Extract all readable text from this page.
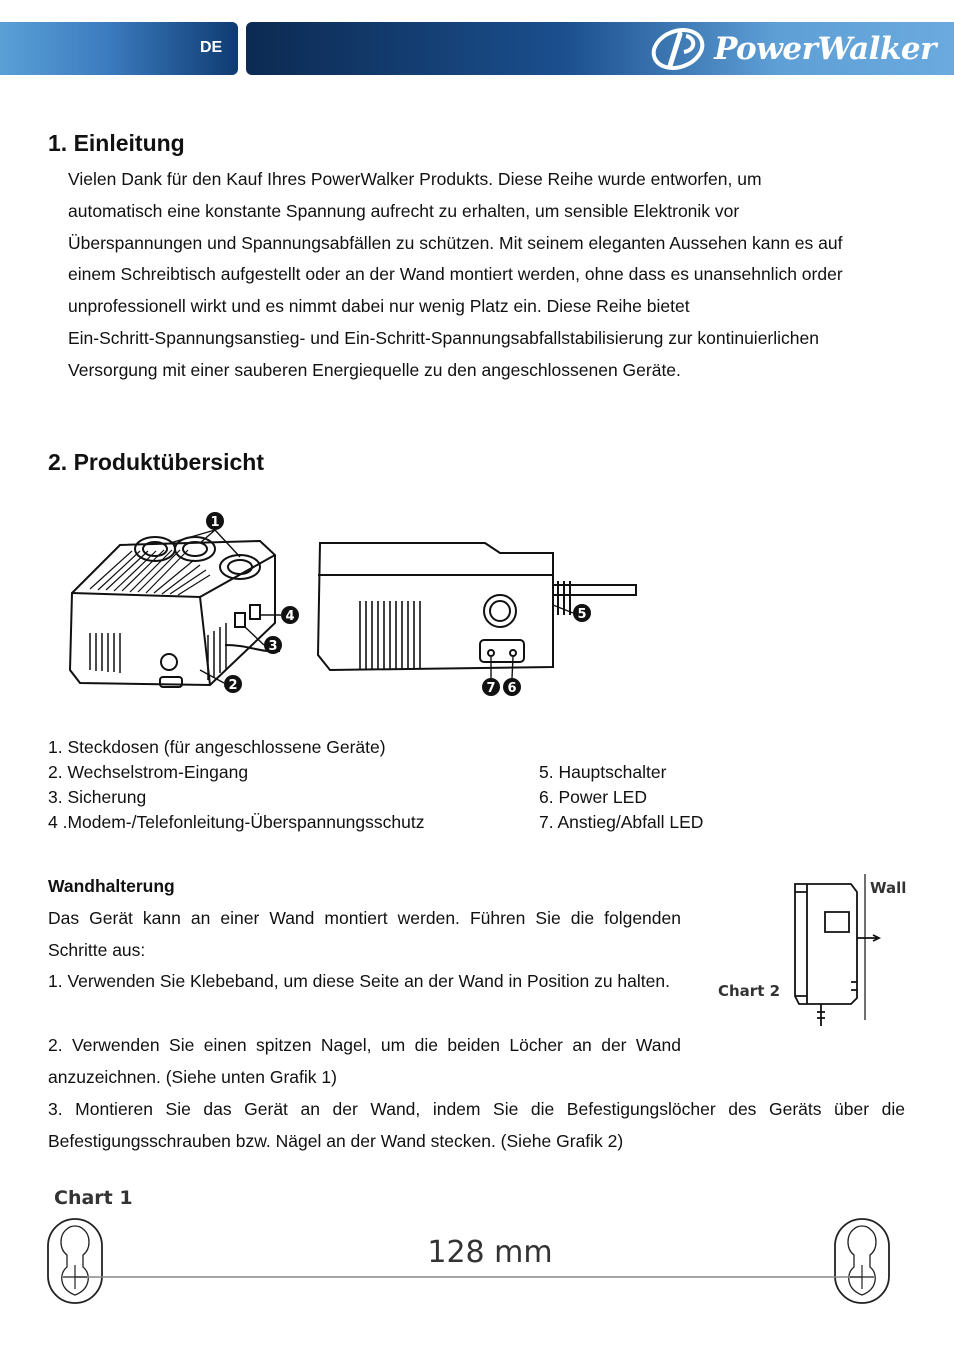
DE	PowerWalker
1. Einleitung
Vielen Dank für den Kauf Ihres PowerWalker Produkts. Diese Reihe wurde entworfen, um
automatisch eine konstante Spannung aufrecht zu erhalten, um sensible Elektronik vor
Überspannungen und Spannungsabfällen zu schützen. Mit seinem eleganten Aussehen kann es auf
einem Schreibtisch aufgestellt oder an der Wand montiert werden, ohne dass es unansehnlich order
unprofessionell wirkt und es nimmt dabei nur wenig Platz ein. Diese Reihe bietet
Ein-Schritt-Spannungsanstieg- und Ein-Schritt-Spannungsabfallstabilisierung zur kontinuierlichen
Versorgung mit einer sauberen Energiequelle zu den angeschlossenen Geräte.
2. Produktübersicht
1
2
3
4	5
6
7
1. Steckdosen (für angeschlossene Geräte)
2. Wechselstrom-Eingang
3. Sicherung
4 .Modem-/Telefonleitung-Überspannungsschutz
5. Hauptschalter
6. Power LED
7. Anstieg/Abfall LED
Wandhalterung
Das Gerät kann an einer Wand montiert werden. Führen Sie die folgenden Schritte aus:
1. Verwenden Sie Klebeband, um diese Seite an der Wand in Position zu halten.
2. Verwenden Sie einen spitzen Nagel, um die beiden Löcher an der Wand anzuzeichnen. (Siehe unten Grafik 1)
3. Montieren Sie das Gerät an der Wand, indem Sie die Befestigungslöcher des Geräts über die Befestigungsschrauben bzw. Nägel an der Wand stecken. (Siehe Grafik 2)
Chart 2
Wall
Chart 1
128 mm
